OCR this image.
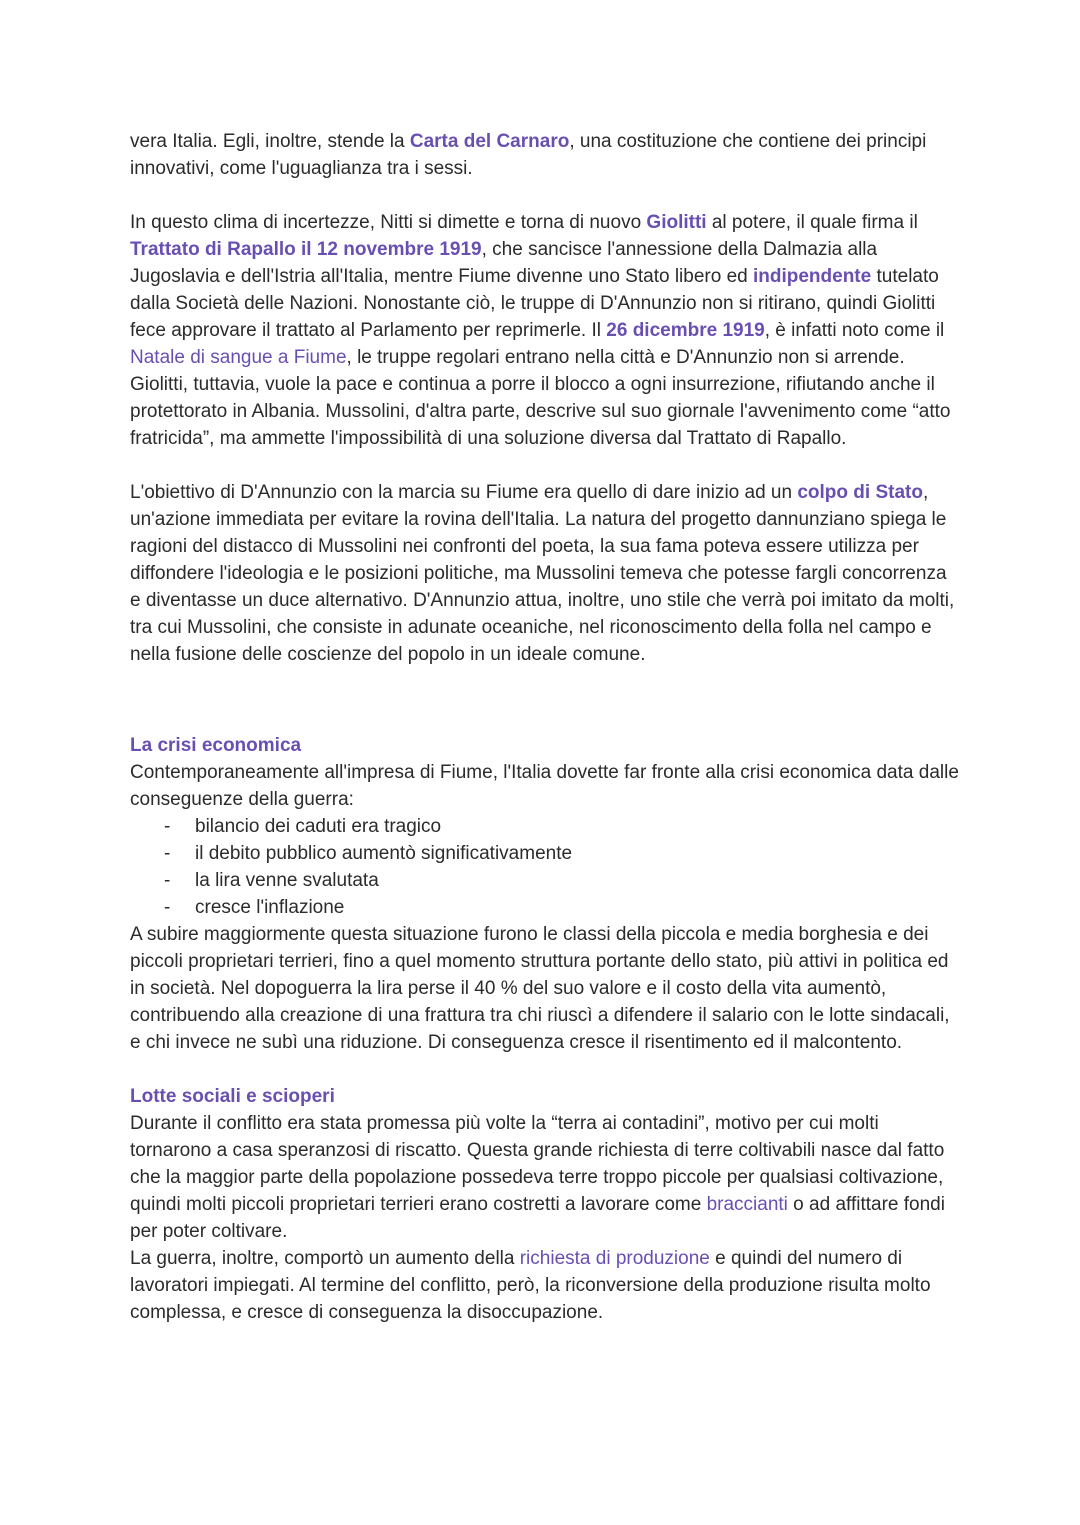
vera Italia. Egli, inoltre, stende la Carta del Carnaro, una costituzione che contiene dei principi innovativi, come l'uguaglianza tra i sessi.

In questo clima di incertezze, Nitti si dimette e torna di nuovo Giolitti al potere, il quale firma il Trattato di Rapallo il 12 novembre 1919, che sancisce l'annessione della Dalmazia alla Jugoslavia e dell'Istria all'Italia, mentre Fiume divenne uno Stato libero ed indipendente tutelato dalla Società delle Nazioni. Nonostante ciò, le truppe di D'Annunzio non si ritirano, quindi Giolitti fece approvare il trattato al Parlamento per reprimerle. Il 26 dicembre 1919, è infatti noto come il Natale di sangue a Fiume, le truppe regolari entrano nella città e D'Annunzio non si arrende. Giolitti, tuttavia, vuole la pace e continua a porre il blocco a ogni insurrezione, rifiutando anche il protettorato in Albania. Mussolini, d'altra parte, descrive sul suo giornale l'avvenimento come “atto fratricida”, ma ammette l'impossibilità di una soluzione diversa dal Trattato di Rapallo.

L'obiettivo di D'Annunzio con la marcia su Fiume era quello di dare inizio ad un colpo di Stato, un'azione immediata per evitare la rovina dell'Italia. La natura del progetto dannunziano spiega le ragioni del distacco di Mussolini nei confronti del poeta, la sua fama poteva essere utilizza per diffondere l'ideologia e le posizioni politiche, ma Mussolini temeva che potesse fargli concorrenza e diventasse un duce alternativo. D'Annunzio attua, inoltre, uno stile che verrà poi imitato da molti, tra cui Mussolini, che consiste in adunate oceaniche, nel riconoscimento della folla nel campo e nella fusione delle coscienze del popolo in un ideale comune.

La crisi economica

Contemporaneamente all'impresa di Fiume, l'Italia dovette far fronte alla crisi economica data dalle conseguenze della guerra:

- bilancio dei caduti era tragico
- il debito pubblico aumentò significativamente
- la lira venne svalutata
- cresce l'inflazione

A subire maggiormente questa situazione furono le classi della piccola e media borghesia e dei piccoli proprietari terrieri, fino a quel momento struttura portante dello stato, più attivi in politica ed in società. Nel dopoguerra la lira perse il 40 % del suo valore e il costo della vita aumentò, contribuendo alla creazione di una frattura tra chi riuscì a difendere il salario con le lotte sindacali, e chi invece ne subì una riduzione. Di conseguenza cresce il risentimento ed il malcontento.

Lotte sociali e scioperi

Durante il conflitto era stata promessa più volte la “terra ai contadini”, motivo per cui molti tornarono a casa speranzosi di riscatto. Questa grande richiesta di terre coltivabili nasce dal fatto che la maggior parte della popolazione possedeva terre troppo piccole per qualsiasi coltivazione, quindi molti piccoli proprietari terrieri erano costretti a lavorare come braccianti o ad affittare fondi per poter coltivare.

La guerra, inoltre, comportò un aumento della richiesta di produzione e quindi del numero di lavoratori impiegati. Al termine del conflitto, però, la riconversione della produzione risulta molto complessa, e cresce di conseguenza la disoccupazione.
